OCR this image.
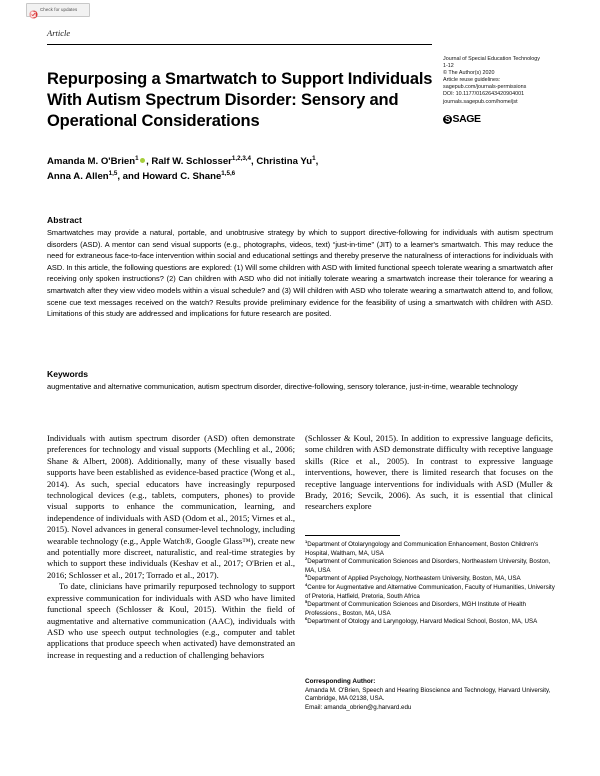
Check for updates
Article
Repurposing a Smartwatch to Support Individuals With Autism Spectrum Disorder: Sensory and Operational Considerations
Journal of Special Education Technology
1-12
© The Author(s) 2020
Article reuse guidelines:
sagepub.com/journals-permissions
DOI: 10.1177/0162643420904001
journals.sagepub.com/home/jst
S SAGE
Amanda M. O'Brien$^1$ , Ralf W. Schlosser$^{1,2,3,4}$, Christina Yu$^1$,
Anna A. Allen$^{1,5}$, and Howard C. Shane$^{1,5,6}$
Abstract
Smartwatches may provide a natural, portable, and unobtrusive strategy by which to support directive-following for individuals with autism spectrum disorders (ASD). A mentor can send visual supports (e.g., photographs, videos, text) “just-in-time” (JIT) to a learner's smartwatch. This may reduce the need for extraneous face-to-face intervention within social and educational settings and thereby preserve the naturalness of interactions for individuals with ASD. In this article, the following questions are explored: (1) Will some children with ASD with limited functional speech tolerate wearing a smartwatch after receiving only spoken instructions? (2) Can children with ASD who did not initially tolerate wearing a smartwatch increase their tolerance for wearing a smartwatch after they view video models within a visual schedule? and (3) Will children with ASD who tolerate wearing a smartwatch attend to, and follow, scene cue text messages received on the watch? Results provide preliminary evidence for the feasibility of using a smartwatch with children with ASD. Limitations of this study are addressed and implications for future research are posited.
Keywords
augmentative and alternative communication, autism spectrum disorder, directive-following, sensory tolerance, just-in-time, wearable technology

Individuals with autism spectrum disorder (ASD) often demonstrate preferences for technology and visual supports (Mechling et al., 2006; Shane & Albert, 2008). Additionally, many of these visually based supports have been established as evidence-based practice (Wong et al., 2014). As such, special educators have increasingly repurposed technological devices (e.g., tablets, computers, phones) to provide visual supports to enhance the communication, learning, and independence of individuals with ASD (Odom et al., 2015; Virnes et al., 2015). Novel advances in general consumer-level technology, including wearable technology (e.g., Apple Watch®, Google Glass™), create new and potentially more discreet, naturalistic, and real-time strategies by which to support these individuals (Keshav et al., 2017; O'Brien et al., 2016; Schlosser et al., 2017; Torrado et al., 2017).

To date, clinicians have primarily repurposed technology to support expressive communication for individuals with ASD who have limited functional speech (Schlosser & Koul, 2015). Within the field of augmentative and alternative communication (AAC), individuals with ASD who use speech output technologies (e.g., computer and tablet applications that produce speech when activated) have demonstrated an increase in requesting and a reduction of challenging behaviors

(Schlosser & Koul, 2015). In addition to expressive language deficits, some children with ASD demonstrate difficulty with receptive language skills (Rice et al., 2005). In contrast to expressive language interventions, however, there is limited research that focuses on the receptive language interventions for individuals with ASD (Muller & Brady, 2016; Sevcik, 2006). As such, it is essential that clinical researchers explore

$^1$Department of Otolaryngology and Communication Enhancement, Boston Children's Hospital, Waltham, MA, USA

$^2$Department of Communication Sciences and Disorders, Northeastern University, Boston, MA, USA

$^3$Department of Applied Psychology, Northeastern University, Boston, MA, USA

$^4$Centre for Augmentative and Alternative Communication, Faculty of Humanities, University of Pretoria, Hatfield, Pretoria, South Africa

$^5$Department of Communication Sciences and Disorders, MGH Institute of Health Professions., Boston, MA, USA

$^6$Department of Otology and Laryngology, Harvard Medical School, Boston, MA, USA

Corresponding Author:

Amanda M. O'Brien, Speech and Hearing Bioscience and Technology, Harvard University, Cambridge, MA 02138, USA.

Email: amanda_obrien@g.harvard.edu
